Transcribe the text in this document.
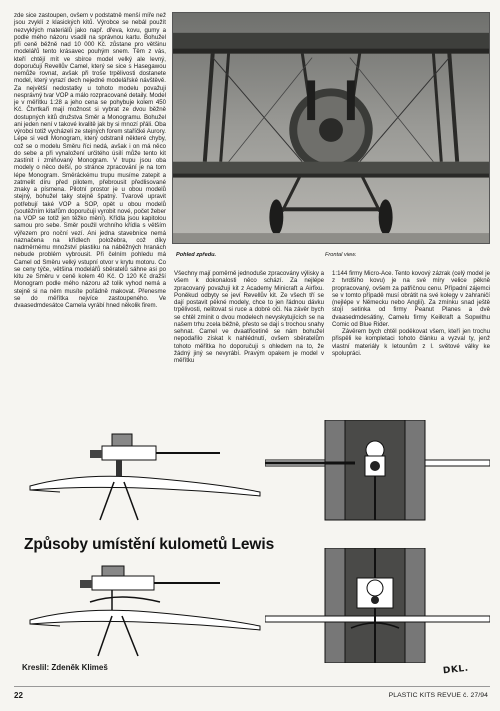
zde sice zastoupen, ovšem v podstatně menší míře než jsou zvyklí z klasických kitů. Výrobce se nebál použít nezvyklých materiálů jako např. dřeva, kovu, gumy a podle mého názoru vsadil na správnou kartu. Bohužel při ceně běžně nad 10 000 Kč. zůstane pro většinu modelářů tento krásavec pouhým snem. Těm z vás, kteří chtějí mít ve sbírce model velký ale levný, doporučuji Revellův Camel, který se sice s Hasegawou nemůže rovnat, avšak při troše trpělivosti dostanete model, který vyrazí dech nejedné modelářské návštěvě. Za největší nedostatky u tohoto modelu považuji nesprávný tvar VOP a málo rozpracované detaily. Model je v měřítku 1:28 a jeho cena se pohybuje kolem 450 Kč. Čtvrtkaři mají možnost si vybrat ze dvou běžně dostupných kitů družstva Směr a Monogramu. Bohužel ani jeden není v takové kvalitě jak by si mnozí přáli. Oba výrobci totiž vycházeli ze stejných forem staříčké Aurory. Lépe si vedl Monogram, který odstranil některé chyby, což se o modelu Směru říci nedá, avšak i on má něco do sebe a při vynaložení určitého úsilí může tento kit zastínit i zmiňovaný Monogram. V trupu jsou oba modely o něco delší, po stránce zpracování je na tom lépe Monogram. Směráckému trupu musíme zatepit a zatmelit díru před pilotem, přebrousit předlisované znaky a písmena. Pilotní prostor je u obou modelů stejný, bohužel taky stejně špatný. Tvarově upravit potřebují také VOP a SOP, opět u obou modelů (soutěžním kitařům doporučuji vyrobit nové, počet žeber na VOP se totiž jen těžko mění). Křídla jsou kapitolou samou pro sebe. Směr použil vrchního křídla s větším výřezem pro noční vezí. Ani jedna stavebnice nemá naznačena na křídlech položebra, což díky nadměrnému množství plastiku na náběžných hranách nebude problém vybrousit. Při čelním pohledu má Camel od Směru velký vstupní otvor v krytu motoru. Co se ceny týče, většina modelářů sběratelů sáhne asi po kitu ze Směru v ceně kolem 40 Kč. O 120 Kč dražší Monogram podle mého názoru až tolik vyhod nemá a stejně si na něm musíte pořádně makovat. Přenesme se do měřítka nejvíce zastoupeného. Ve dvaasedmdesátce Camela vyrábí hned několik firem.

Pohled zpředu.	Frontal view.

Všechny mají poměrně jednoduše zpracovány výlisky a všem k dokonalosti něco schází. Za nejlépe zpracovaný považuji kit z Academy Minicraft a Airfixu. Poněkud odbyty se jeví Revellův kit. Ze všech tří se dají postavit pěkné modely, chce to jen řádnou dávku trpělivosti, nelitovat si ruce a dobré oči. Na závěr bych se chtěl zmínit o dvou modelech nevyskytujících se na našem trhu zcela běžně, přesto se dají s trochou snahy sehnat. Camel ve dvaatřicetině se nám bohužel nepodařilo získat k nahlédnutí, ovšem sběratelům tohoto měřítka ho doporučuji s ohledem na to, že žádný jiný se nevyrábí. Pravým opakem je model v měřítku

1:144 firmy Micro-Ace. Tento kovový zázrak (celý model je z tvrdšího kovu) je na své míry velice pěkně propracovaný, ovšem za patřičnou cenu. Případní zájemci se v tomto případě musí obrátit na své kolegy v zahraničí (nejlépe v Německu nebo Anglii). Za zmínku snad ještě stojí setinka od firmy Peanut Planes a dvě dvaasedmdesátiny, Camelu firmy Keilkraft a Sopwithu Comic od Blue Rider.

Závěrem bych chtěl poděkovat všem, kteří jen trochu přispěli ke kompletaci tohoto článku a vyzval ty, jenž vlastní materiály k letounům z I. světové války ke spolupráci.

Způsoby umístění kulometů Lewis
Kreslil: Zdeněk Klimeš	DKL.
22	PLASTIC KITS REVUE č. 27/94
